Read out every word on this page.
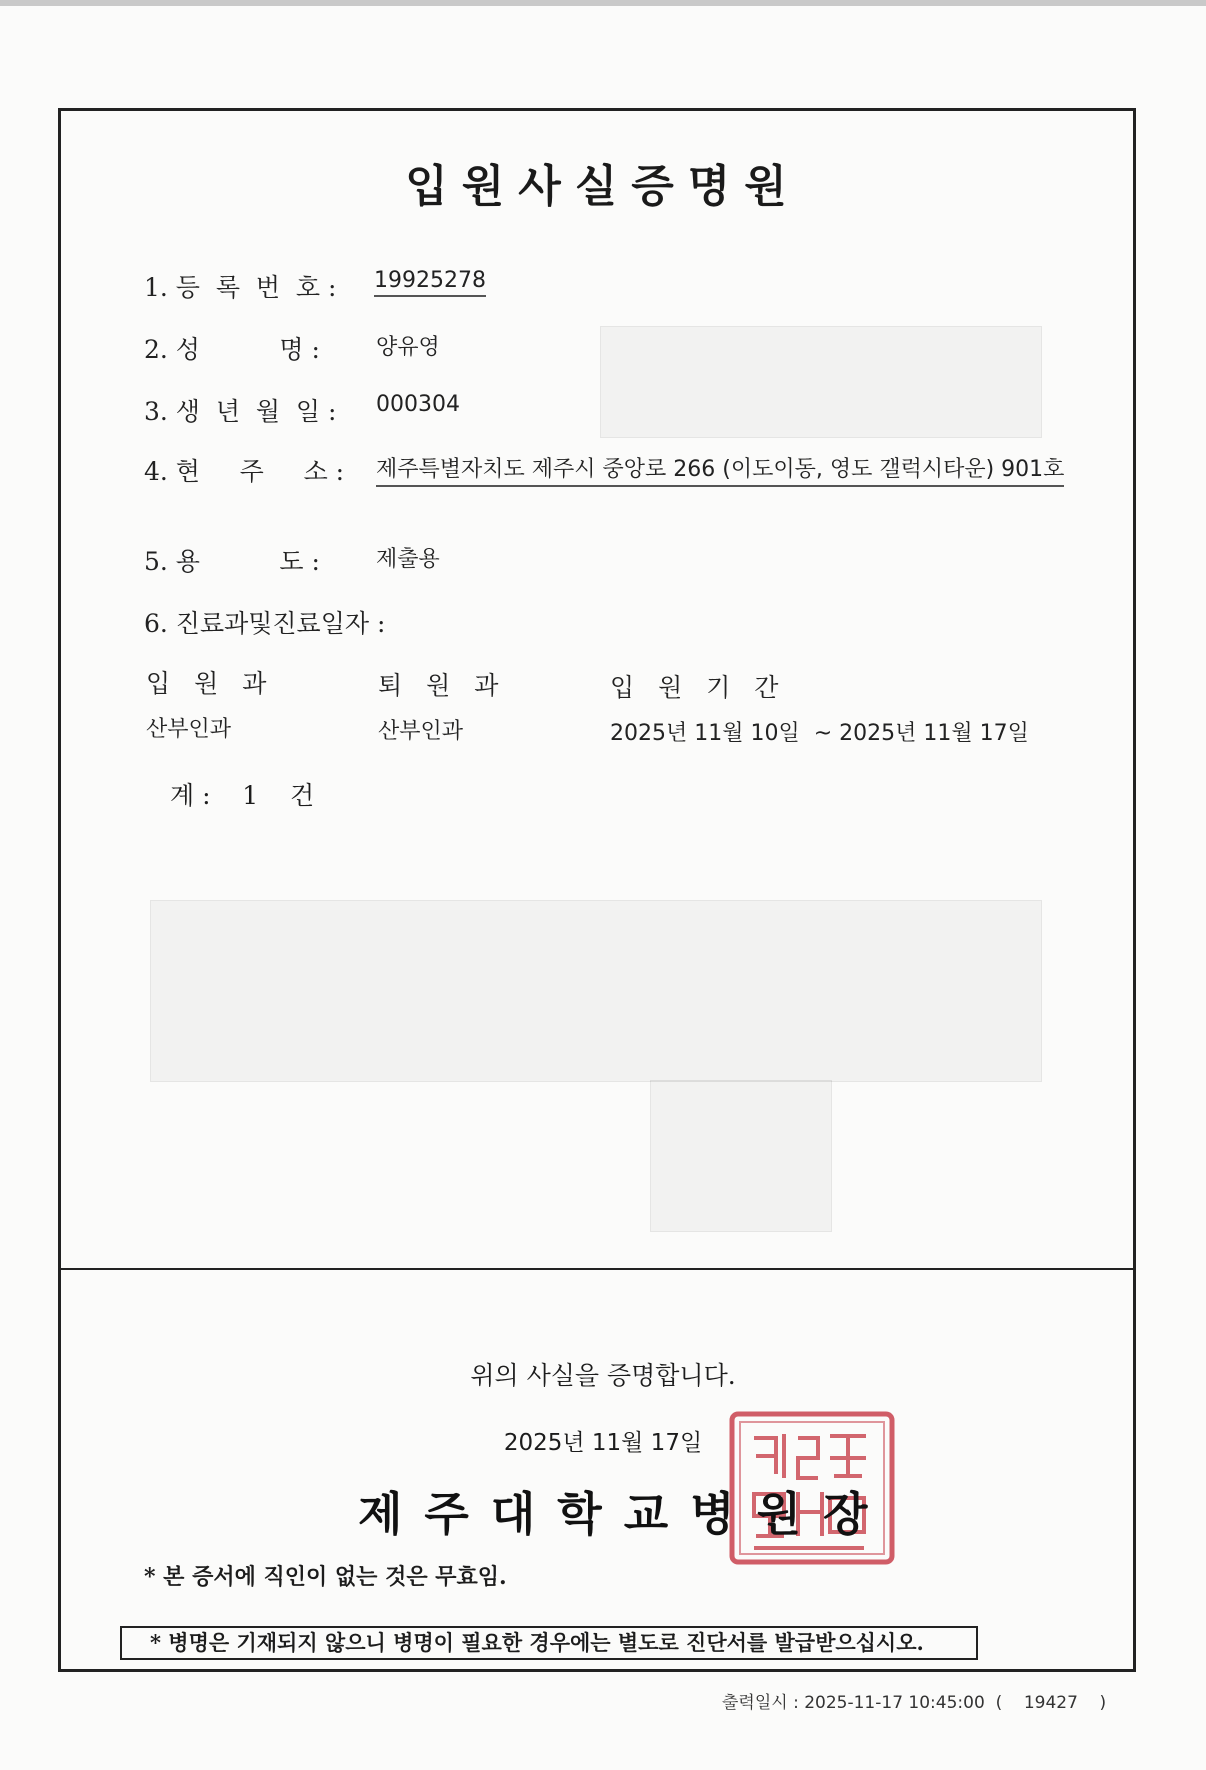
입원사실증명원
1. 등  록  번  호 : 19925278
2. 성          명 :	양유영
3. 생  년  월  일 : 000304
4. 현     주     소 : 제주특별자치도 제주시 중앙로 266 (이도이동, 영도 갤럭시타운) 901호
5. 용          도 :	제출용
6. 진료과및진료일자 :
입 원 과	퇴 원 과	입 원 기 간
산부인과	산부인과	2025년 11월 10일  ~ 2025년 11월 17일
계 :    1    건
위의 사실을 증명합니다.
2025년 11월 17일
제주대학교병원장
* 본 증서에 직인이 없는 것은 무효임.
* 병명은 기재되지 않으니 병명이 필요한 경우에는 별도로 진단서를 발급받으십시오.
출력일시 : 2025-11-17 10:45:00  (    19427    )
